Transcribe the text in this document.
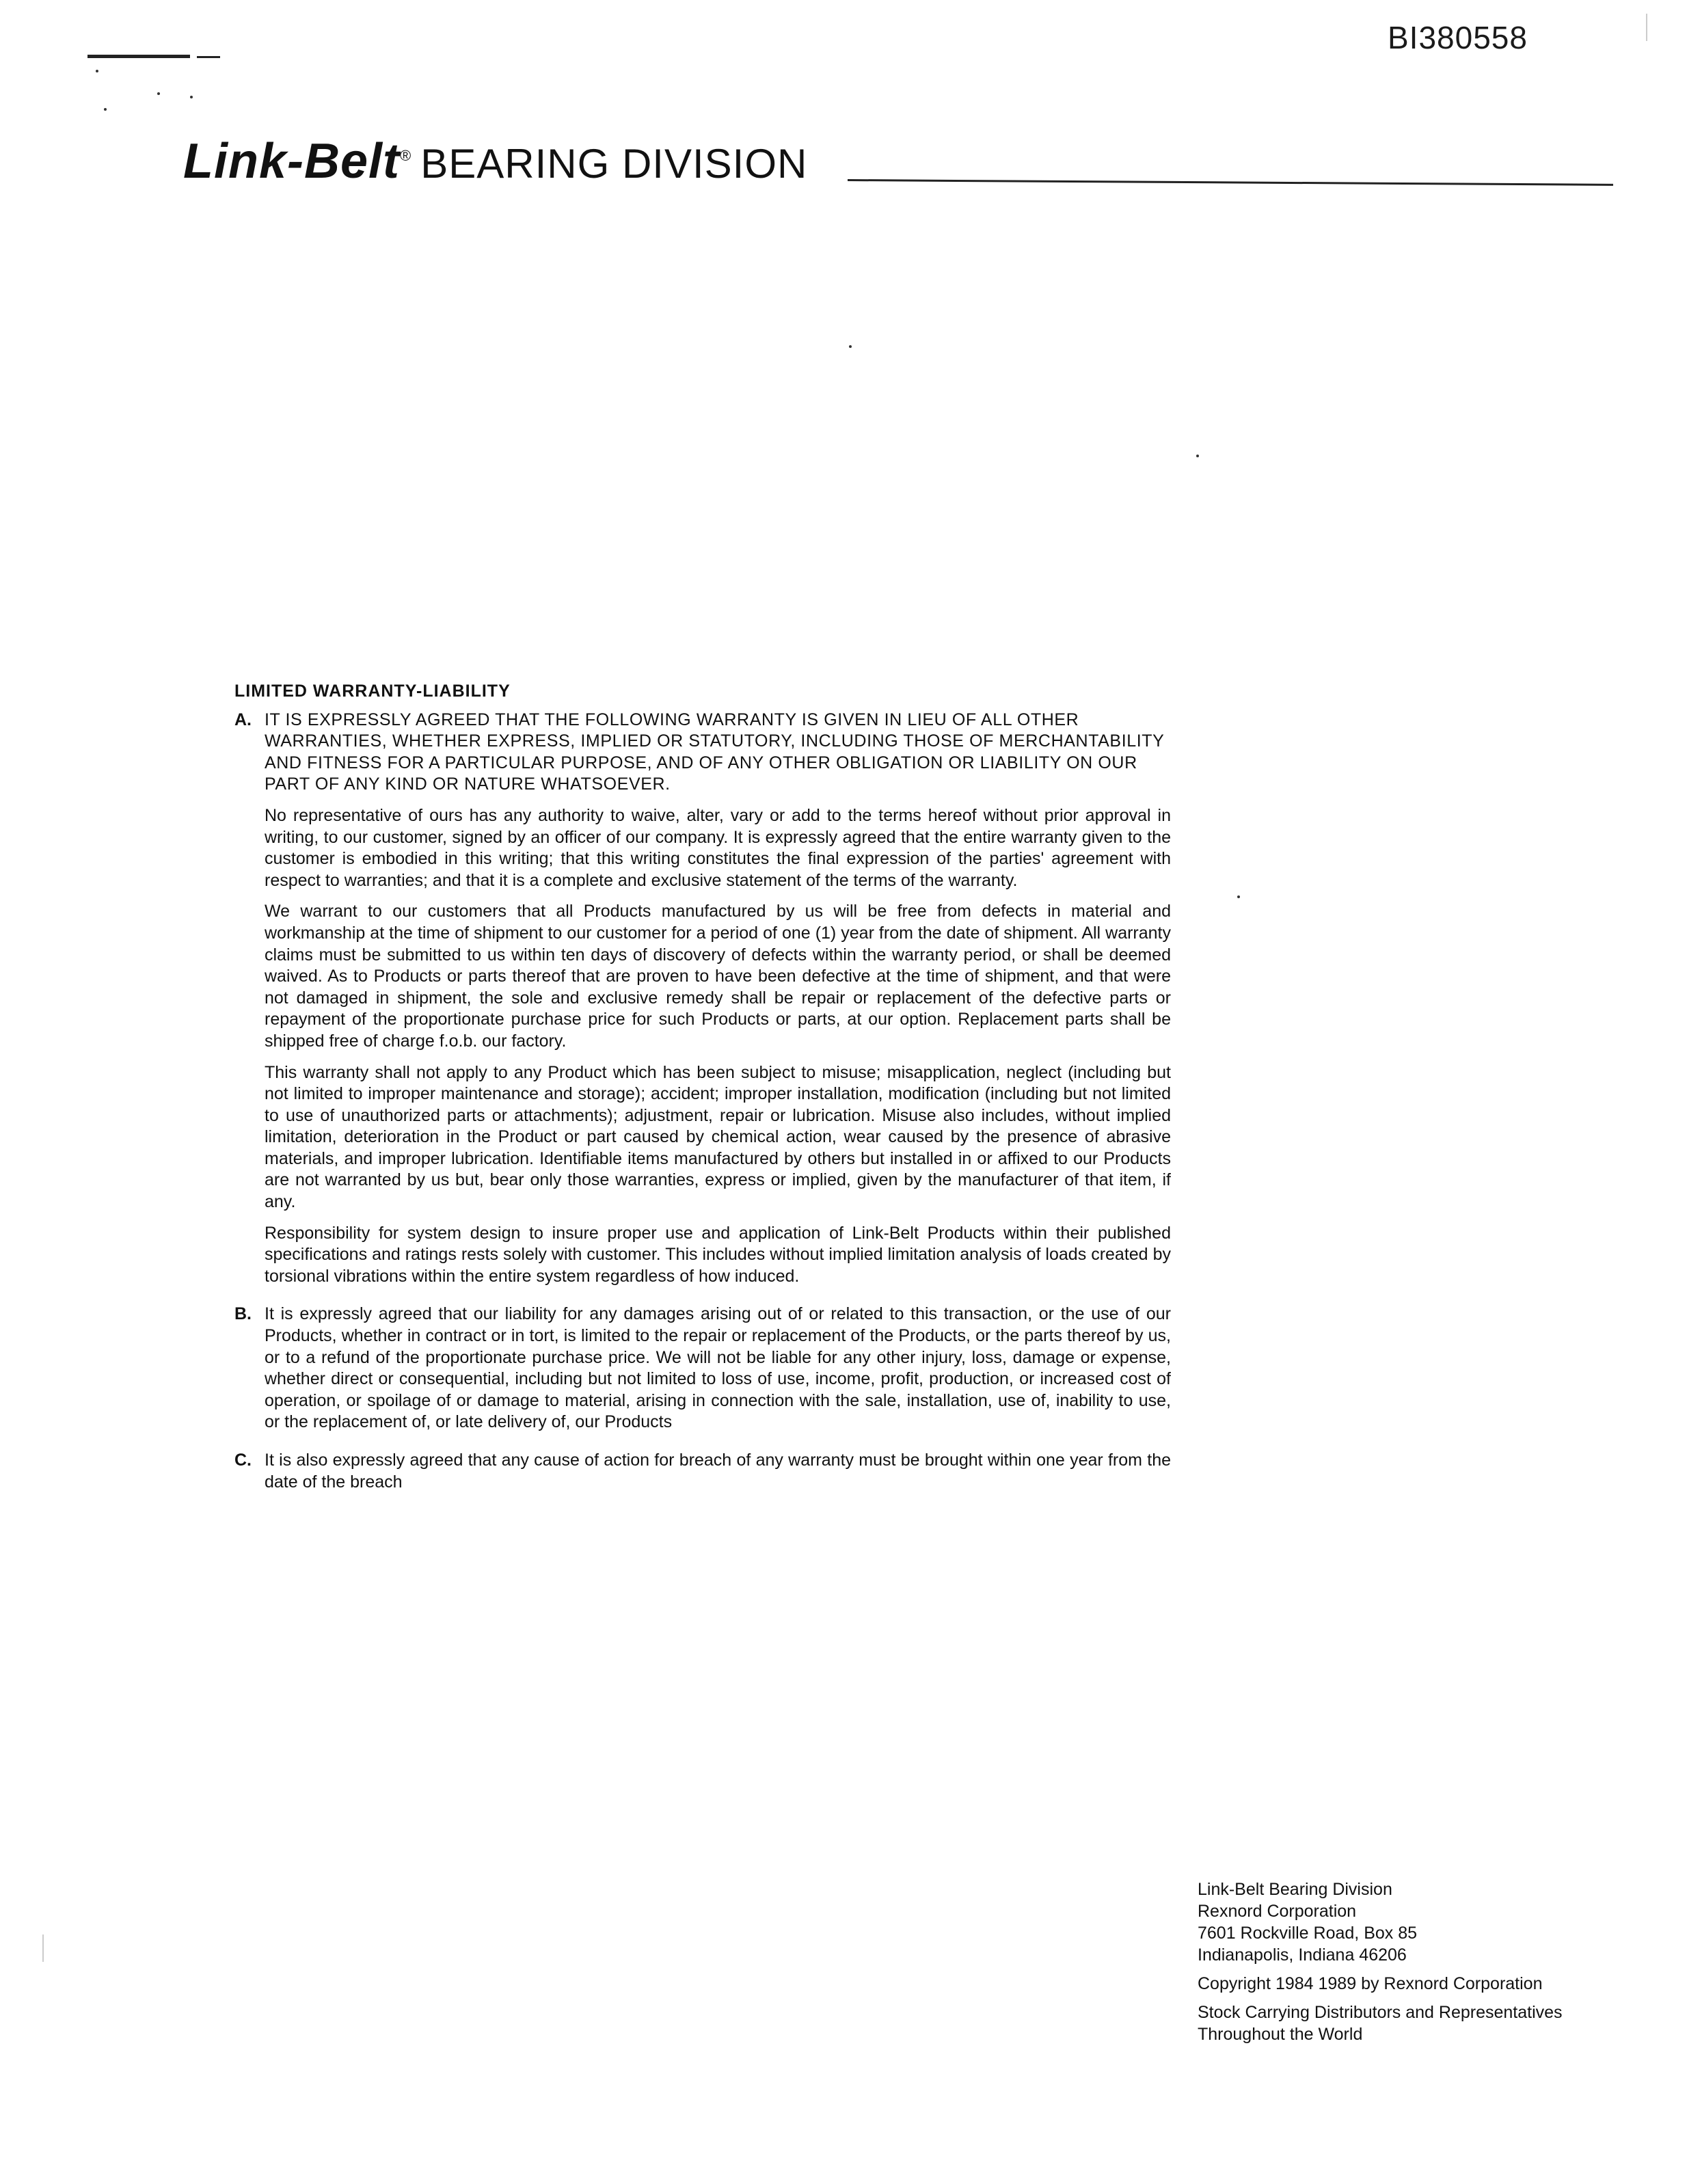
BI380558
Link-Belt® BEARING DIVISION
LIMITED WARRANTY-LIABILITY
A. IT IS EXPRESSLY AGREED THAT THE FOLLOWING WARRANTY IS GIVEN IN LIEU OF ALL OTHER WARRANTIES, WHETHER EXPRESS, IMPLIED OR STATUTORY, INCLUDING THOSE OF MERCHANTABILITY AND FITNESS FOR A PARTICULAR PURPOSE, AND OF ANY OTHER OBLIGATION OR LIABILITY ON OUR PART OF ANY KIND OR NATURE WHATSOEVER.

No representative of ours has any authority to waive, alter, vary or add to the terms hereof without prior approval in writing, to our customer, signed by an officer of our company. It is expressly agreed that the entire warranty given to the customer is embodied in this writing; that this writing constitutes the final expression of the parties' agreement with respect to warranties; and that it is a complete and exclusive statement of the terms of the warranty.

We warrant to our customers that all Products manufactured by us will be free from defects in material and workmanship at the time of shipment to our customer for a period of one (1) year from the date of shipment. All warranty claims must be submitted to us within ten days of discovery of defects within the warranty period, or shall be deemed waived. As to Products or parts thereof that are proven to have been defective at the time of shipment, and that were not damaged in shipment, the sole and exclusive remedy shall be repair or replacement of the defective parts or repayment of the proportionate purchase price for such Products or parts, at our option. Replacement parts shall be shipped free of charge f.o.b. our factory.

This warranty shall not apply to any Product which has been subject to misuse; misapplication, neglect (including but not limited to improper maintenance and storage); accident; improper installation, modification (including but not limited to use of unauthorized parts or attachments); adjustment, repair or lubrication. Misuse also includes, without implied limitation, deterioration in the Product or part caused by chemical action, wear caused by the presence of abrasive materials, and improper lubrication. Identifiable items manufactured by others but installed in or affixed to our Products are not warranted by us but, bear only those warranties, express or implied, given by the manufacturer of that item, if any.

Responsibility for system design to insure proper use and application of Link-Belt Products within their published specifications and ratings rests solely with customer. This includes without implied limitation analysis of loads created by torsional vibrations within the entire system regardless of how induced.

B. It is expressly agreed that our liability for any damages arising out of or related to this transaction, or the use of our Products, whether in contract or in tort, is limited to the repair or replacement of the Products, or the parts thereof by us, or to a refund of the proportionate purchase price. We will not be liable for any other injury, loss, damage or expense, whether direct or consequential, including but not limited to loss of use, income, profit, production, or increased cost of operation, or spoilage of or damage to material, arising in connection with the sale, installation, use of, inability to use, or the replacement of, or late delivery of, our Products

C. It is also expressly agreed that any cause of action for breach of any warranty must be brought within one year from the date of the breach

Link-Belt Bearing Division
Rexnord Corporation
7601 Rockville Road, Box 85
Indianapolis, Indiana 46206
Copyright 1984 1989 by Rexnord Corporation
Stock Carrying Distributors and Representatives
Throughout the World
